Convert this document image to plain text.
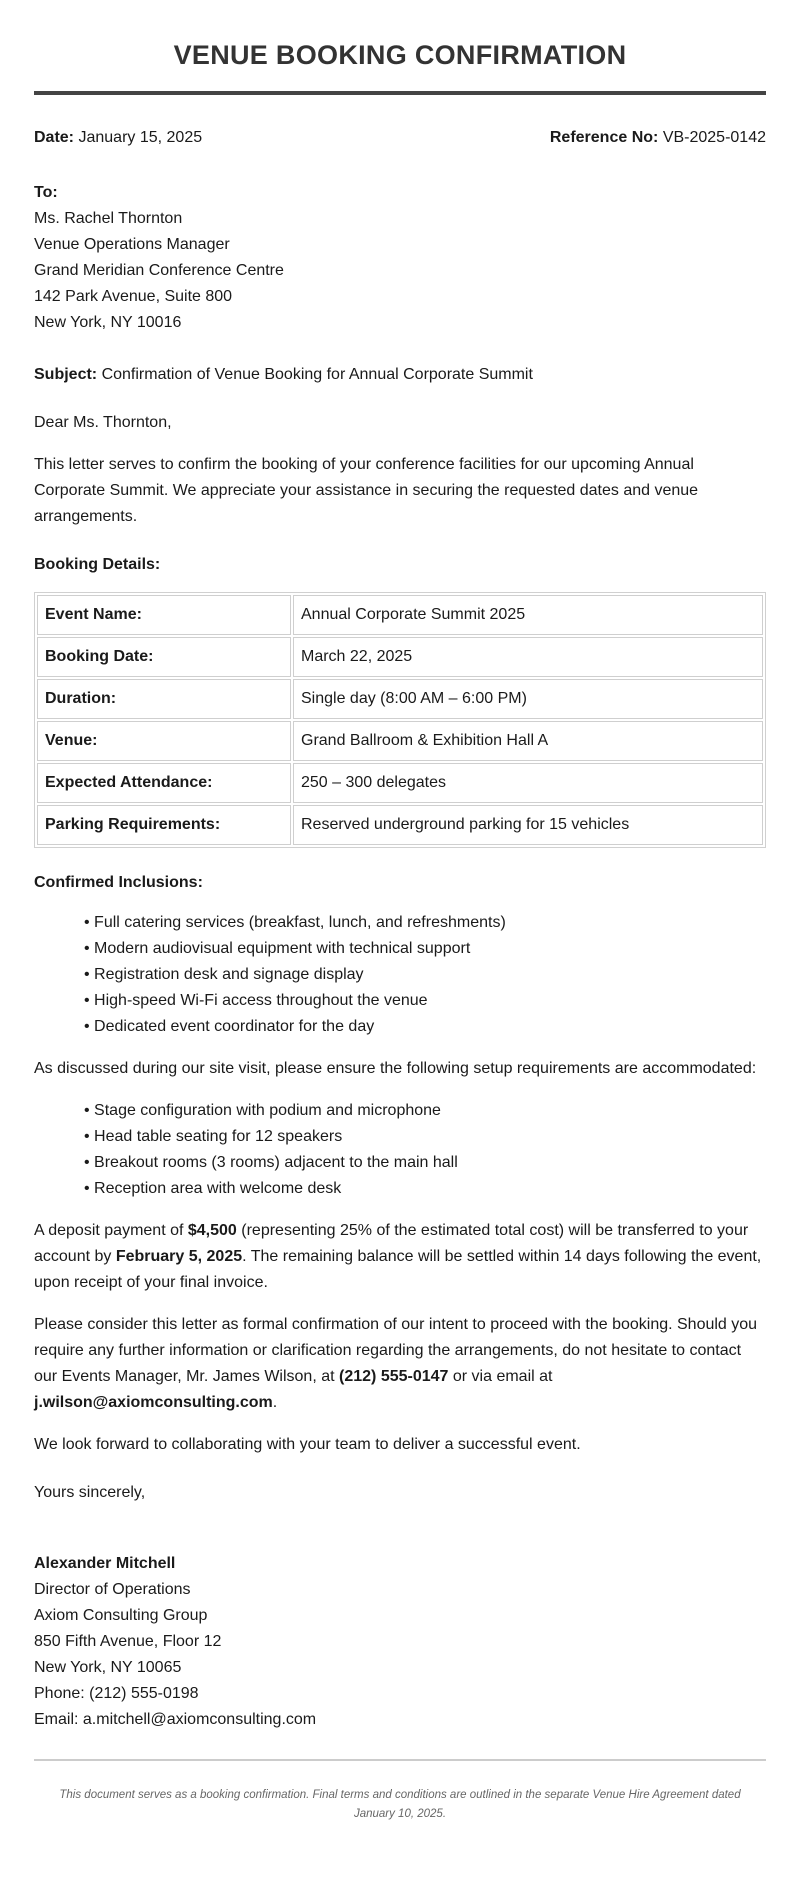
VENUE BOOKING CONFIRMATION
Date: January 15, 2025	Reference No: VB-2025-0142
To:
Ms. Rachel Thornton
Venue Operations Manager
Grand Meridian Conference Centre
142 Park Avenue, Suite 800
New York, NY 10016
Subject: Confirmation of Venue Booking for Annual Corporate Summit
Dear Ms. Thornton,
This letter serves to confirm the booking of your conference facilities for our upcoming Annual Corporate Summit. We appreciate your assistance in securing the requested dates and venue arrangements.
Booking Details:
Event Name:	Annual Corporate Summit 2025
Booking Date:	March 22, 2025
Duration:	Single day (8:00 AM – 6:00 PM)
Venue:	Grand Ballroom & Exhibition Hall A
Expected Attendance:	250 – 300 delegates
Parking Requirements:	Reserved underground parking for 15 vehicles
Confirmed Inclusions:
• Full catering services (breakfast, lunch, and refreshments)
• Modern audiovisual equipment with technical support
• Registration desk and signage display
• High-speed Wi-Fi access throughout the venue
• Dedicated event coordinator for the day
As discussed during our site visit, please ensure the following setup requirements are accommodated:
• Stage configuration with podium and microphone
• Head table seating for 12 speakers
• Breakout rooms (3 rooms) adjacent to the main hall
• Reception area with welcome desk
A deposit payment of $4,500 (representing 25% of the estimated total cost) will be transferred to your account by February 5, 2025. The remaining balance will be settled within 14 days following the event, upon receipt of your final invoice.
Please consider this letter as formal confirmation of our intent to proceed with the booking. Should you require any further information or clarification regarding the arrangements, do not hesitate to contact our Events Manager, Mr. James Wilson, at (212) 555-0147 or via email at j.wilson@axiomconsulting.com.
We look forward to collaborating with your team to deliver a successful event.
Yours sincerely,
Alexander Mitchell
Director of Operations
Axiom Consulting Group
850 Fifth Avenue, Floor 12
New York, NY 10065
Phone: (212) 555-0198
Email: a.mitchell@axiomconsulting.com
This document serves as a booking confirmation. Final terms and conditions are outlined in the separate Venue Hire Agreement dated January 10, 2025.
